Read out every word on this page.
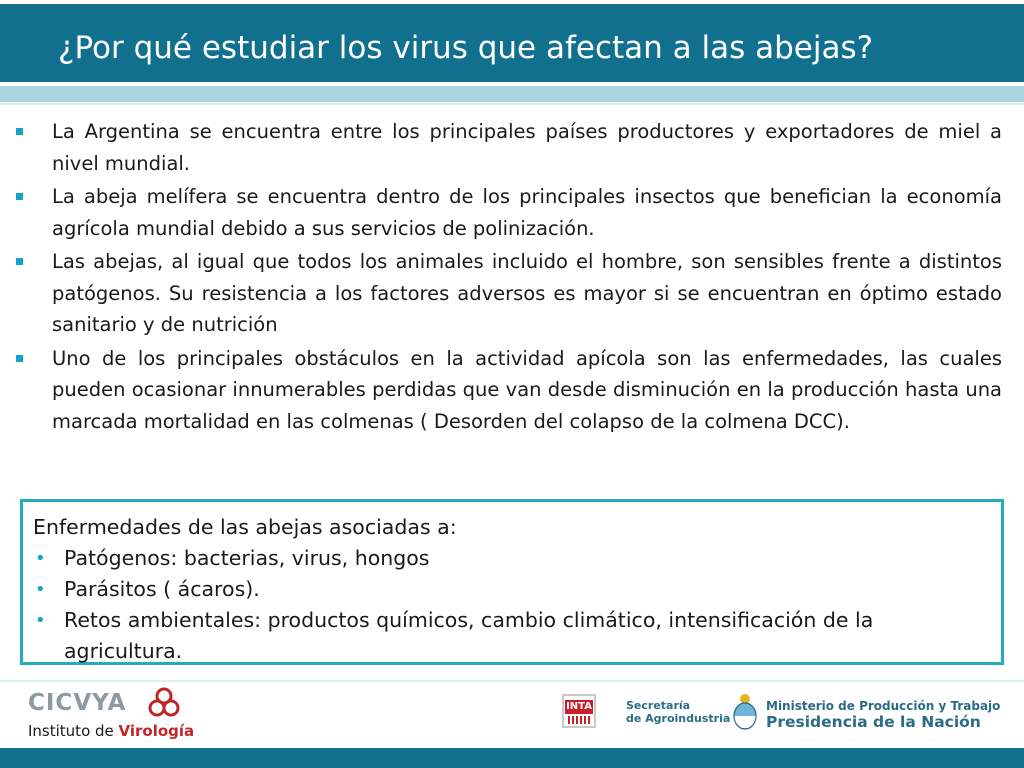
¿Por qué estudiar los virus que afectan a las abejas?
La Argentina se encuentra entre los principales países productores y exportadores de miel a nivel mundial.
La abeja melífera se encuentra dentro de los principales insectos que benefician la economía agrícola mundial debido a sus servicios de polinización.
Las abejas, al igual que todos los animales incluido el hombre, son sensibles frente a distintos patógenos. Su resistencia a los factores adversos es mayor si se encuentran en óptimo estado sanitario y de nutrición
Uno de los principales obstáculos en la actividad apícola son las enfermedades, las cuales pueden ocasionar innumerables perdidas que van desde disminución en la producción hasta una marcada mortalidad en las colmenas ( Desorden del colapso de la colmena DCC).
Enfermedades de las abejas asociadas a:
• Patógenos: bacterias, virus, hongos
• Parásitos ( ácaros).
• Retos ambientales: productos químicos, cambio climático, intensificación de la agricultura.
CICVYA
Instituto de Virología
INTA	Secretaría
de Agroindustria
Ministerio de Producción y Trabajo
Presidencia de la Nación
